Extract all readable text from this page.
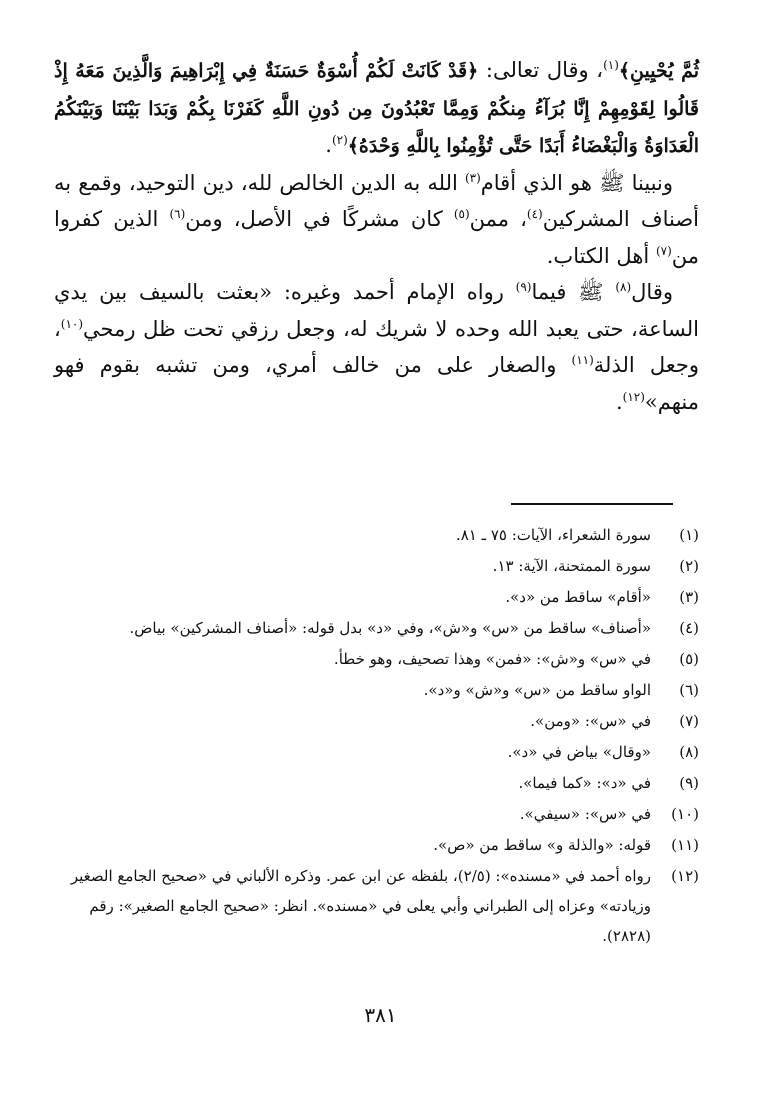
ثُمَّ يُحْيِينِ﴾$^{(١)}$، وقال تعالى: ﴿قَدْ كَانَتْ لَكُمْ أُسْوَةٌ حَسَنَةٌ فِي إِبْرَاهِيمَ وَالَّذِينَ مَعَهُ إِذْ قَالُوا لِقَوْمِهِمْ إِنَّا بُرَآءُ مِنكُمْ وَمِمَّا تَعْبُدُونَ مِن دُونِ اللَّهِ كَفَرْنَا بِكُمْ وَبَدَا بَيْنَنَا وَبَيْنَكُمُ الْعَدَاوَةُ وَالْبَغْضَاءُ أَبَدًا حَتَّى تُؤْمِنُوا بِاللَّهِ وَحْدَهُ﴾$^{(٢)}$.

ونبينا ﷺ هو الذي أقام$^{(٣)}$ الله به الدين الخالص لله، دين التوحيد، وقمع به أصناف المشركين$^{(٤)}$، ممن$^{(٥)}$ كان مشركًا في الأصل، ومن$^{(٦)}$ الذين كفروا من$^{(٧)}$ أهل الكتاب.

وقال$^{(٨)}$ ﷺ فيما$^{(٩)}$ رواه الإمام أحمد وغيره: «بعثت بالسيف بين يدي الساعة، حتى يعبد الله وحده لا شريك له، وجعل رزقي تحت ظل رمحي$^{(١٠)}$، وجعل الذلة$^{(١١)}$ والصغار على من خالف أمري، ومن تشبه بقوم فهو منهم»$^{(١٢)}$.

(١)
سورة الشعراء، الآيات: ٧٥ ـ ٨١.
(٢)
سورة الممتحنة، الآية: ١٣.
(٣)
«أقام» ساقط من «د».
(٤)
«أصناف» ساقط من «س» و«ش»، وفي «د» بدل قوله: «أصناف المشركين» بياض.
(٥)
في «س» و«ش»: «فمن» وهذا تصحيف، وهو خطأ.
(٦)
الواو ساقط من «س» و«ش» و«د».
(٧)
في «س»: «ومن».
(٨)
«وقال» بياض في «د».
(٩)
في «د»: «كما فيما».
(١٠)
في «س»: «سيفي».
(١١)
قوله: «والذلة و» ساقط من «ص».
(١٢)
رواه أحمد في «مسنده»: (٢/٥)، بلفظه عن ابن عمر. وذكره الألباني في «صحيح الجامع الصغير وزيادته» وعزاه إلى الطبراني وأبي يعلى في «مسنده». انظر: «صحيح الجامع الصغير»: رقم (٢٨٢٨).
٣٨١
